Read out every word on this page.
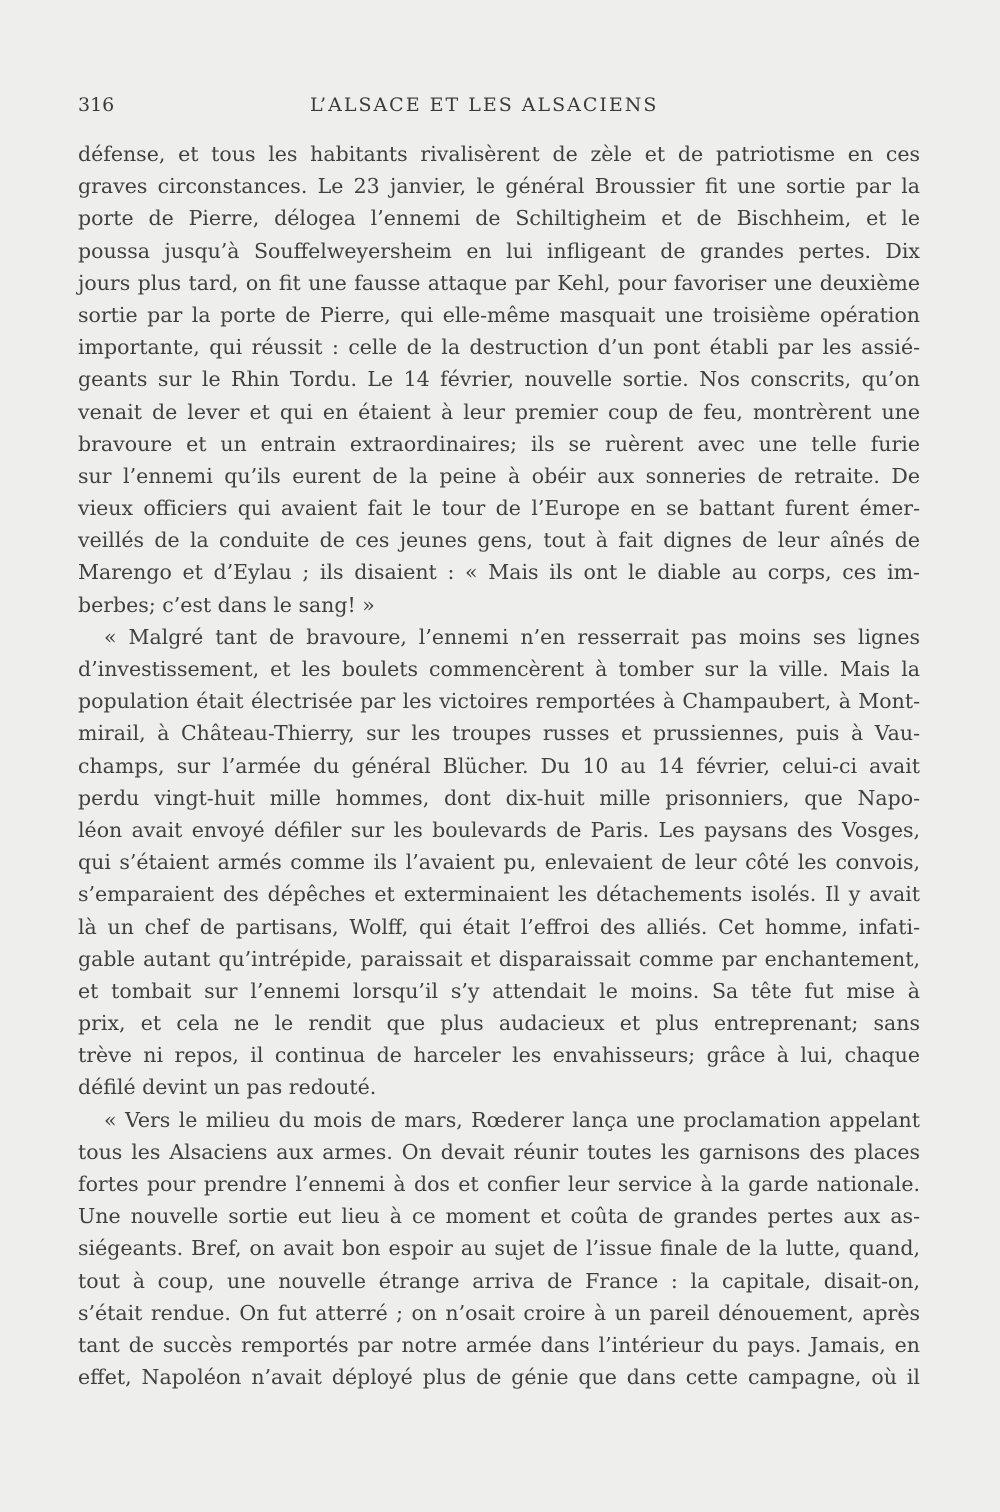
316	L’ALSACE ET LES ALSACIENS
défense, et tous les habitants rivalisèrent de zèle et de patriotisme en ces
graves circonstances. Le 23 janvier, le général Broussier fit une sortie par la
porte de Pierre, délogea l’ennemi de Schiltigheim et de Bischheim, et le
poussa jusqu’à Souffelweyersheim en lui infligeant de grandes pertes. Dix
jours plus tard, on fit une fausse attaque par Kehl, pour favoriser une deuxième
sortie par la porte de Pierre, qui elle-même masquait une troisième opération
importante, qui réussit : celle de la destruction d’un pont établi par les assié-
geants sur le Rhin Tordu. Le 14 février, nouvelle sortie. Nos conscrits, qu’on
venait de lever et qui en étaient à leur premier coup de feu, montrèrent une
bravoure et un entrain extraordinaires; ils se ruèrent avec une telle furie
sur l’ennemi qu’ils eurent de la peine à obéir aux sonneries de retraite. De
vieux officiers qui avaient fait le tour de l’Europe en se battant furent émer-
veillés de la conduite de ces jeunes gens, tout à fait dignes de leur aînés de
Marengo et d’Eylau ; ils disaient : « Mais ils ont le diable au corps, ces im-
berbes; c’est dans le sang! »
« Malgré tant de bravoure, l’ennemi n’en resserrait pas moins ses lignes
d’investissement, et les boulets commencèrent à tomber sur la ville. Mais la
population était électrisée par les victoires remportées à Champaubert, à Mont-
mirail, à Château-Thierry, sur les troupes russes et prussiennes, puis à Vau-
champs, sur l’armée du général Blücher. Du 10 au 14 février, celui-ci avait
perdu vingt-huit mille hommes, dont dix-huit mille prisonniers, que Napo-
léon avait envoyé défiler sur les boulevards de Paris. Les paysans des Vosges,
qui s’étaient armés comme ils l’avaient pu, enlevaient de leur côté les convois,
s’emparaient des dépêches et exterminaient les détachements isolés. Il y avait
là un chef de partisans, Wolff, qui était l’effroi des alliés. Cet homme, infati-
gable autant qu’intrépide, paraissait et disparaissait comme par enchantement,
et tombait sur l’ennemi lorsqu’il s’y attendait le moins. Sa tête fut mise à
prix, et cela ne le rendit que plus audacieux et plus entreprenant; sans
trève ni repos, il continua de harceler les envahisseurs; grâce à lui, chaque
défilé devint un pas redouté.
« Vers le milieu du mois de mars, Rœderer lança une proclamation appelant
tous les Alsaciens aux armes. On devait réunir toutes les garnisons des places
fortes pour prendre l’ennemi à dos et confier leur service à la garde nationale.
Une nouvelle sortie eut lieu à ce moment et coûta de grandes pertes aux as-
siégeants. Bref, on avait bon espoir au sujet de l’issue finale de la lutte, quand,
tout à coup, une nouvelle étrange arriva de France : la capitale, disait-on,
s’était rendue. On fut atterré ; on n’osait croire à un pareil dénouement, après
tant de succès remportés par notre armée dans l’intérieur du pays. Jamais, en
effet, Napoléon n’avait déployé plus de génie que dans cette campagne, où il
